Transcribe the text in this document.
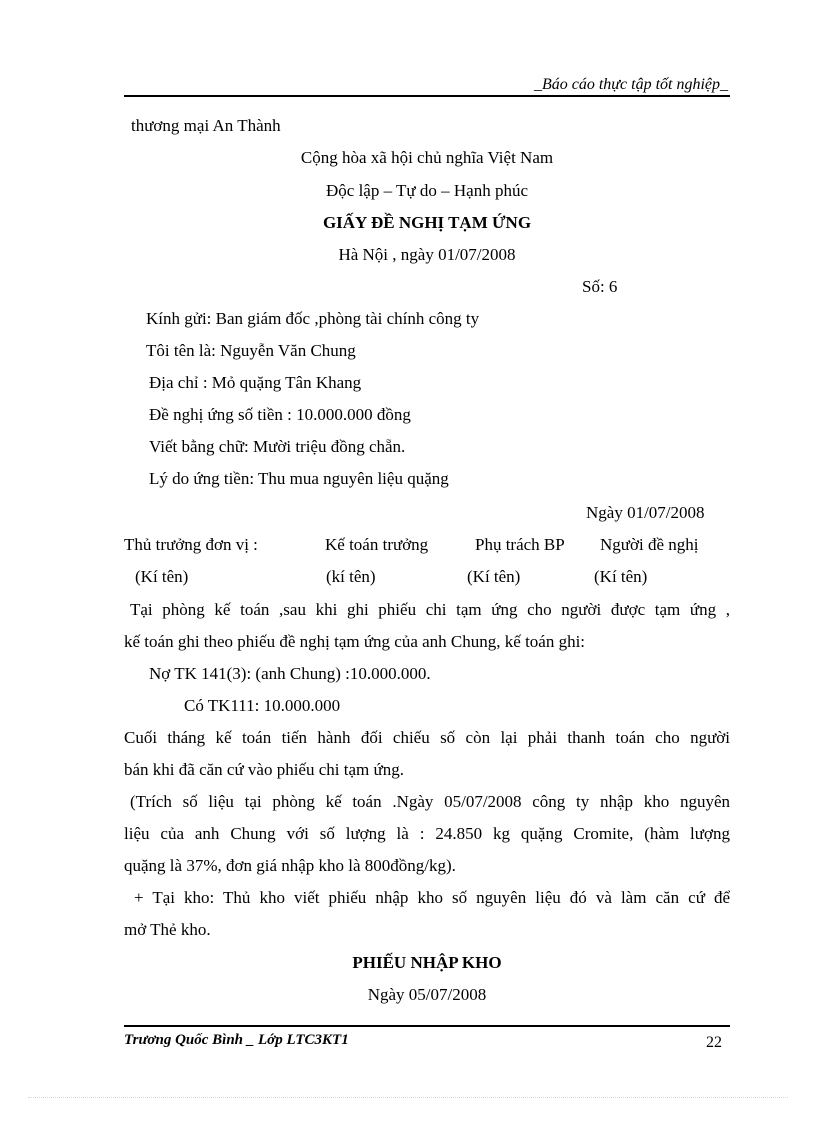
_Báo cáo thực tập tốt nghiệp_
thương mại An Thành
Cộng hòa xã hội chủ nghĩa Việt Nam
Độc lập – Tự do – Hạnh phúc
GIẤY ĐỀ NGHỊ TẠM ỨNG
Hà Nội , ngày 01/07/2008
Số: 6
Kính gửi: Ban giám đốc ,phòng tài chính công ty
Tôi tên là: Nguyễn Văn Chung
Địa chỉ : Mỏ quặng Tân Khang
Đề nghị ứng số tiền : 10.000.000 đồng
Viết bằng chữ: Mười triệu đồng chẵn.
Lý do ứng tiền: Thu mua nguyên liệu quặng
Ngày 01/07/2008
Thủ trưởng đơn vị :	Kế toán trưởng	Phụ trách BP Người đề nghị
(Kí tên)	(kí tên)	(Kí tên)	(Kí tên)
Tại phòng kế toán ,sau khi ghi phiếu chi tạm ứng cho người được tạm ứng ,
kế toán ghi theo phiếu đề nghị tạm ứng của anh Chung, kế toán ghi:
Nợ TK 141(3): (anh Chung) :10.000.000.
Có TK111: 10.000.000
Cuối tháng kế toán tiến hành đối chiếu số còn lại phải thanh toán cho người
bán khi đã căn cứ vào phiếu chi tạm ứng.
(Trích số liệu tại phòng kế toán .Ngày 05/07/2008 công ty nhập kho nguyên
liệu của anh Chung với số lượng là : 24.850 kg quặng Cromite, (hàm lượng
quặng là 37%, đơn giá nhập kho là 800đồng/kg).
+ Tại kho: Thủ kho viết phiếu nhập kho số nguyên liệu đó và làm căn cứ để
mở Thẻ kho.
PHIẾU NHẬP KHO
Ngày 05/07/2008
Trương Quốc Bình _ Lớp LTC3KT1	22
